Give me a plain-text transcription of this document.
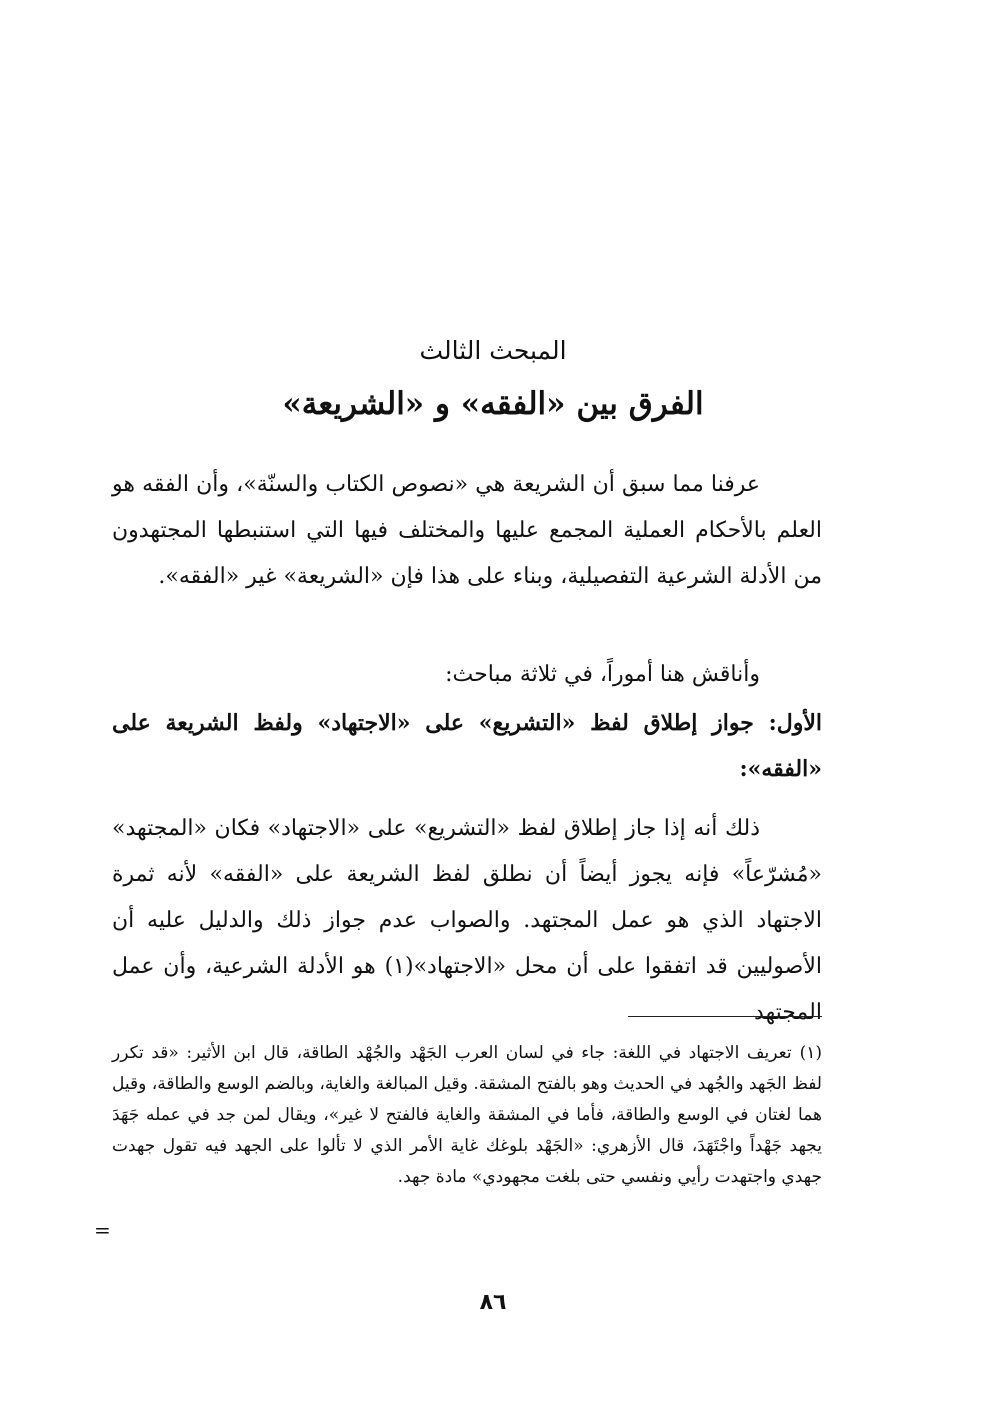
المبحث الثالث
الفرق بين «الفقه» و «الشريعة»

عرفنا مما سبق أن الشريعة هي «نصوص الكتاب والسنّة»، وأن الفقه هو العلم بالأحكام العملية المجمع عليها والمختلف فيها التي استنبطها المجتهدون من الأدلة الشرعية التفصيلية، وبناء على هذا فإن «الشريعة» غير «الفقه».

وأناقش هنا أموراً، في ثلاثة مباحث:

الأول: جواز إطلاق لفظ «التشريع» على «الاجتهاد» ولفظ الشريعة على «الفقه»:

ذلك أنه إذا جاز إطلاق لفظ «التشريع» على «الاجتهاد» فكان «المجتهد» «مُشرّعاً» فإنه يجوز أيضاً أن نطلق لفظ الشريعة على «الفقه» لأنه ثمرة الاجتهاد الذي هو عمل المجتهد. والصواب عدم جواز ذلك والدليل عليه أن الأصوليين قد اتفقوا على أن محل «الاجتهاد»(١) هو الأدلة الشرعية، وأن عمل المجتهد

(١)
تعريف الاجتهاد في اللغة: جاء في لسان العرب الجَهْد والجُهْد الطاقة، قال ابن الأثير: «قد تكرر لفظ الجَهد والجُهد في الحديث وهو بالفتح المشقة. وقيل المبالغة والغاية، وبالضم الوسع والطاقة، وقيل هما لغتان في الوسع والطاقة، فأما في المشقة والغاية فالفتح لا غير»، ويقال لمن جد في عمله جَهَدَ يجهد جَهْداً واجْتَهَدَ، قال الأزهري: «الجَهْد بلوغك غاية الأمر الذي لا تألوا على الجهد فيه تقول جهدت جهدي واجتهدت رأيي ونفسي حتى بلغت مجهودي» مادة جهد.
=
٨٦
